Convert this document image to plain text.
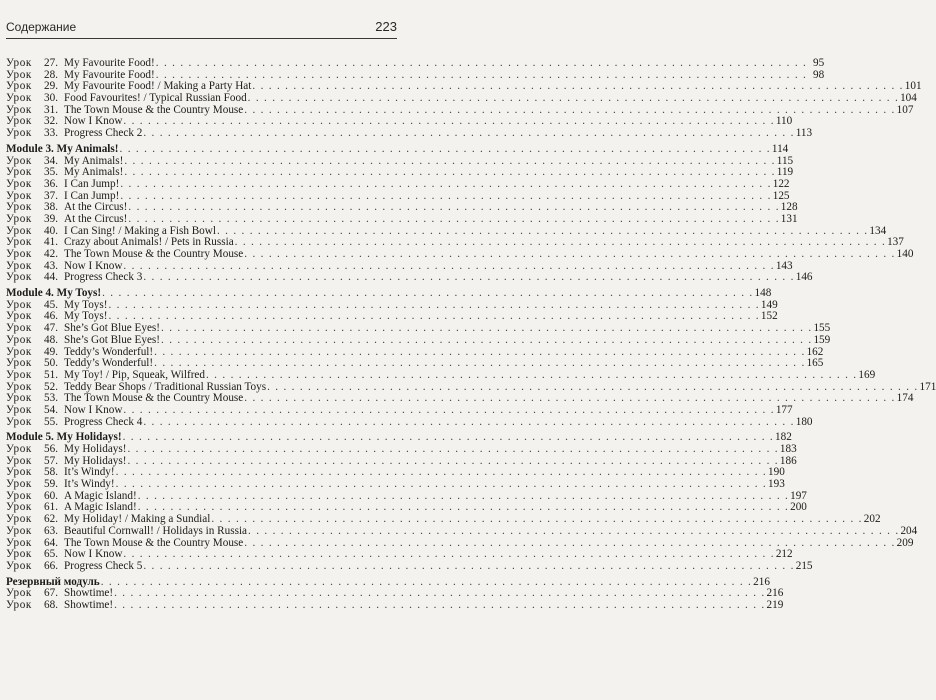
Содержание	223
Урок	27. My Favourite Food! . . . . . . . . . . . . . . . . . . . . . . . . . . . . . . . . . . . . . . . . . . . . . . . . . . . . . . . . . . . . . . . . . . . . . . . . . . . . . . . . 95
Урок	28. My Favourite Food! . . . . . . . . . . . . . . . . . . . . . . . . . . . . . . . . . . . . . . . . . . . . . . . . . . . . . . . . . . . . . . . . . . . . . . . . . . . . . . . . 98
Урок	29. My Favourite Food! / Making a Party Hat . . . . . . . . . . . . . . . . . . . . . . . . . . . . . . . . . . . . . . . . . . . . . . . . . . . . . . . . . . . . . . . . . . . . . . . . . . . . . . . . 101
Урок	30. Food Favourites! / Typical Russian Food . . . . . . . . . . . . . . . . . . . . . . . . . . . . . . . . . . . . . . . . . . . . . . . . . . . . . . . . . . . . . . . . . . . . . . . . . . . . . . . . 104
Урок	31. The Town Mouse & the Country Mouse . . . . . . . . . . . . . . . . . . . . . . . . . . . . . . . . . . . . . . . . . . . . . . . . . . . . . . . . . . . . . . . . . . . . . . . . . . . . . . . . 107
Урок	32. Now I Know . . . . . . . . . . . . . . . . . . . . . . . . . . . . . . . . . . . . . . . . . . . . . . . . . . . . . . . . . . . . . . . . . . . . . . . . . . . . . . . . 110
Урок	33. Progress Check 2 . . . . . . . . . . . . . . . . . . . . . . . . . . . . . . . . . . . . . . . . . . . . . . . . . . . . . . . . . . . . . . . . . . . . . . . . . . . . . . . . 113
Module 3. My Animals! . . . . . . . . . . . . . . . . . . . . . . . . . . . . . . . . . . . . . . . . . . . . . . . . . . . . . . . . . . . . . . . . . . . . . . . . . . . . . . . . 114
Урок	34. My Animals! . . . . . . . . . . . . . . . . . . . . . . . . . . . . . . . . . . . . . . . . . . . . . . . . . . . . . . . . . . . . . . . . . . . . . . . . . . . . . . . . 115
Урок	35. My Animals! . . . . . . . . . . . . . . . . . . . . . . . . . . . . . . . . . . . . . . . . . . . . . . . . . . . . . . . . . . . . . . . . . . . . . . . . . . . . . . . . 119
Урок	36. I Can Jump! . . . . . . . . . . . . . . . . . . . . . . . . . . . . . . . . . . . . . . . . . . . . . . . . . . . . . . . . . . . . . . . . . . . . . . . . . . . . . . . . 122
Урок	37. I Can Jump! . . . . . . . . . . . . . . . . . . . . . . . . . . . . . . . . . . . . . . . . . . . . . . . . . . . . . . . . . . . . . . . . . . . . . . . . . . . . . . . . 125
Урок	38. At the Circus! . . . . . . . . . . . . . . . . . . . . . . . . . . . . . . . . . . . . . . . . . . . . . . . . . . . . . . . . . . . . . . . . . . . . . . . . . . . . . . . . 128
Урок	39. At the Circus! . . . . . . . . . . . . . . . . . . . . . . . . . . . . . . . . . . . . . . . . . . . . . . . . . . . . . . . . . . . . . . . . . . . . . . . . . . . . . . . . 131
Урок	40. I Can Sing! / Making a Fish Bowl . . . . . . . . . . . . . . . . . . . . . . . . . . . . . . . . . . . . . . . . . . . . . . . . . . . . . . . . . . . . . . . . . . . . . . . . . . . . . . . . 134
Урок	41. Crazy about Animals! / Pets in Russia . . . . . . . . . . . . . . . . . . . . . . . . . . . . . . . . . . . . . . . . . . . . . . . . . . . . . . . . . . . . . . . . . . . . . . . . . . . . . . . . 137
Урок	42. The Town Mouse & the Country Mouse . . . . . . . . . . . . . . . . . . . . . . . . . . . . . . . . . . . . . . . . . . . . . . . . . . . . . . . . . . . . . . . . . . . . . . . . . . . . . . . . 140
Урок	43. Now I Know . . . . . . . . . . . . . . . . . . . . . . . . . . . . . . . . . . . . . . . . . . . . . . . . . . . . . . . . . . . . . . . . . . . . . . . . . . . . . . . . 143
Урок	44. Progress Check 3 . . . . . . . . . . . . . . . . . . . . . . . . . . . . . . . . . . . . . . . . . . . . . . . . . . . . . . . . . . . . . . . . . . . . . . . . . . . . . . . . 146
Module 4. My Toys! . . . . . . . . . . . . . . . . . . . . . . . . . . . . . . . . . . . . . . . . . . . . . . . . . . . . . . . . . . . . . . . . . . . . . . . . . . . . . . . . 148
Урок	45. My Toys! . . . . . . . . . . . . . . . . . . . . . . . . . . . . . . . . . . . . . . . . . . . . . . . . . . . . . . . . . . . . . . . . . . . . . . . . . . . . . . . . 149
Урок	46. My Toys! . . . . . . . . . . . . . . . . . . . . . . . . . . . . . . . . . . . . . . . . . . . . . . . . . . . . . . . . . . . . . . . . . . . . . . . . . . . . . . . . 152
Урок	47. She’s Got Blue Eyes! . . . . . . . . . . . . . . . . . . . . . . . . . . . . . . . . . . . . . . . . . . . . . . . . . . . . . . . . . . . . . . . . . . . . . . . . . . . . . . . . 155
Урок	48. She’s Got Blue Eyes! . . . . . . . . . . . . . . . . . . . . . . . . . . . . . . . . . . . . . . . . . . . . . . . . . . . . . . . . . . . . . . . . . . . . . . . . . . . . . . . . 159
Урок	49. Teddy’s Wonderful! . . . . . . . . . . . . . . . . . . . . . . . . . . . . . . . . . . . . . . . . . . . . . . . . . . . . . . . . . . . . . . . . . . . . . . . . . . . . . . . . 162
Урок	50. Teddy’s Wonderful! . . . . . . . . . . . . . . . . . . . . . . . . . . . . . . . . . . . . . . . . . . . . . . . . . . . . . . . . . . . . . . . . . . . . . . . . . . . . . . . . 165
Урок	51. My Toy! / Pip, Squeak, Wilfred . . . . . . . . . . . . . . . . . . . . . . . . . . . . . . . . . . . . . . . . . . . . . . . . . . . . . . . . . . . . . . . . . . . . . . . . . . . . . . . . 169
Урок	52. Teddy Bear Shops / Traditional Russian Toys . . . . . . . . . . . . . . . . . . . . . . . . . . . . . . . . . . . . . . . . . . . . . . . . . . . . . . . . . . . . . . . . . . . . . . . . . . . . . . . . 171
Урок	53. The Town Mouse & the Country Mouse . . . . . . . . . . . . . . . . . . . . . . . . . . . . . . . . . . . . . . . . . . . . . . . . . . . . . . . . . . . . . . . . . . . . . . . . . . . . . . . . 174
Урок	54. Now I Know . . . . . . . . . . . . . . . . . . . . . . . . . . . . . . . . . . . . . . . . . . . . . . . . . . . . . . . . . . . . . . . . . . . . . . . . . . . . . . . . 177
Урок	55. Progress Check 4 . . . . . . . . . . . . . . . . . . . . . . . . . . . . . . . . . . . . . . . . . . . . . . . . . . . . . . . . . . . . . . . . . . . . . . . . . . . . . . . . 180
Module 5. My Holidays! . . . . . . . . . . . . . . . . . . . . . . . . . . . . . . . . . . . . . . . . . . . . . . . . . . . . . . . . . . . . . . . . . . . . . . . . . . . . . . . . 182
Урок	56. My Holidays! . . . . . . . . . . . . . . . . . . . . . . . . . . . . . . . . . . . . . . . . . . . . . . . . . . . . . . . . . . . . . . . . . . . . . . . . . . . . . . . . 183
Урок	57. My Holidays! . . . . . . . . . . . . . . . . . . . . . . . . . . . . . . . . . . . . . . . . . . . . . . . . . . . . . . . . . . . . . . . . . . . . . . . . . . . . . . . . 186
Урок	58. It’s Windy! . . . . . . . . . . . . . . . . . . . . . . . . . . . . . . . . . . . . . . . . . . . . . . . . . . . . . . . . . . . . . . . . . . . . . . . . . . . . . . . . 190
Урок	59. It’s Windy! . . . . . . . . . . . . . . . . . . . . . . . . . . . . . . . . . . . . . . . . . . . . . . . . . . . . . . . . . . . . . . . . . . . . . . . . . . . . . . . . 193
Урок	60. A Magic Island! . . . . . . . . . . . . . . . . . . . . . . . . . . . . . . . . . . . . . . . . . . . . . . . . . . . . . . . . . . . . . . . . . . . . . . . . . . . . . . . . 197
Урок	61. A Magic Island! . . . . . . . . . . . . . . . . . . . . . . . . . . . . . . . . . . . . . . . . . . . . . . . . . . . . . . . . . . . . . . . . . . . . . . . . . . . . . . . . 200
Урок	62. My Holiday! / Making a Sundial . . . . . . . . . . . . . . . . . . . . . . . . . . . . . . . . . . . . . . . . . . . . . . . . . . . . . . . . . . . . . . . . . . . . . . . . . . . . . . . . 202
Урок	63. Beautiful Cornwall! / Holidays in Russia . . . . . . . . . . . . . . . . . . . . . . . . . . . . . . . . . . . . . . . . . . . . . . . . . . . . . . . . . . . . . . . . . . . . . . . . . . . . . . . . 204
Урок	64. The Town Mouse & the Country Mouse . . . . . . . . . . . . . . . . . . . . . . . . . . . . . . . . . . . . . . . . . . . . . . . . . . . . . . . . . . . . . . . . . . . . . . . . . . . . . . . . 209
Урок	65. Now I Know . . . . . . . . . . . . . . . . . . . . . . . . . . . . . . . . . . . . . . . . . . . . . . . . . . . . . . . . . . . . . . . . . . . . . . . . . . . . . . . . 212
Урок	66. Progress Check 5 . . . . . . . . . . . . . . . . . . . . . . . . . . . . . . . . . . . . . . . . . . . . . . . . . . . . . . . . . . . . . . . . . . . . . . . . . . . . . . . . 215
Резервный модуль . . . . . . . . . . . . . . . . . . . . . . . . . . . . . . . . . . . . . . . . . . . . . . . . . . . . . . . . . . . . . . . . . . . . . . . . . . . . . . . . 216
Урок	67. Showtime! . . . . . . . . . . . . . . . . . . . . . . . . . . . . . . . . . . . . . . . . . . . . . . . . . . . . . . . . . . . . . . . . . . . . . . . . . . . . . . . . 216
Урок	68. Showtime! . . . . . . . . . . . . . . . . . . . . . . . . . . . . . . . . . . . . . . . . . . . . . . . . . . . . . . . . . . . . . . . . . . . . . . . . . . . . . . . . 219
